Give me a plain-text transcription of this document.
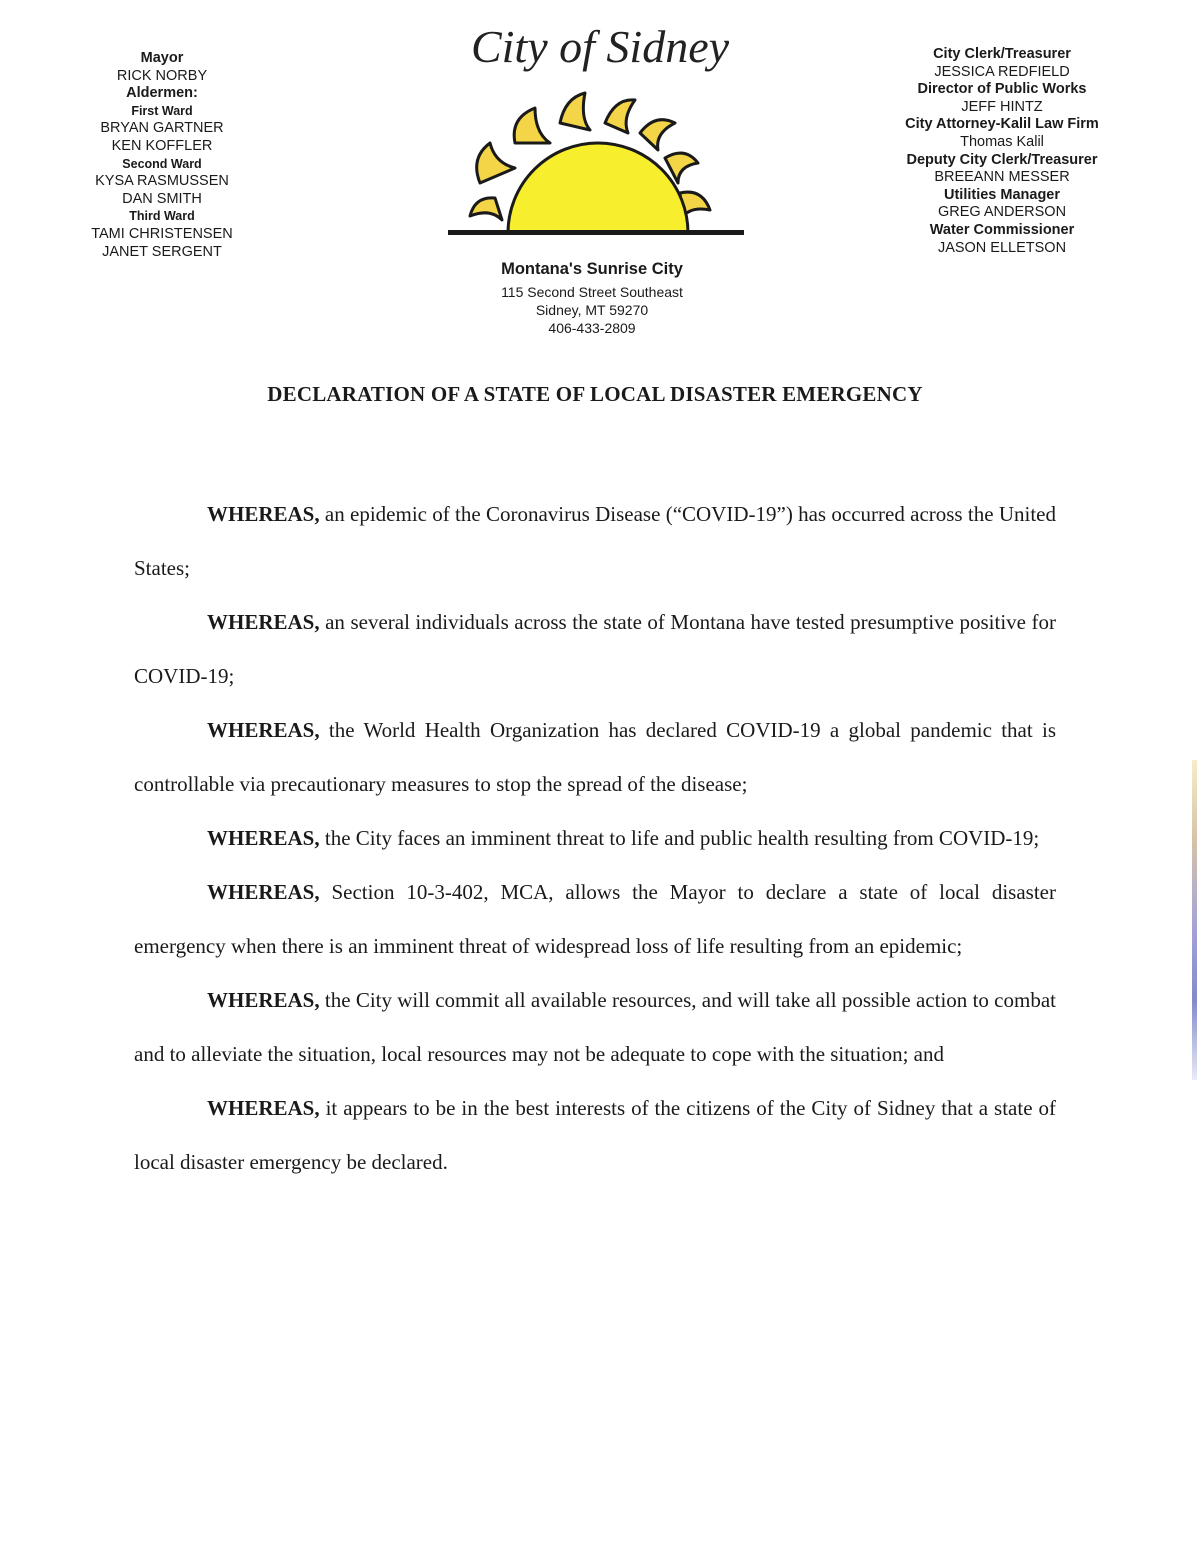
Mayor
RICK NORBY
Aldermen:
First Ward
BRYAN GARTNER
KEN KOFFLER
Second Ward
KYSA RASMUSSEN
DAN SMITH
Third Ward
TAMI CHRISTENSEN
JANET SERGENT
City of Sidney
Montana's Sunrise City
115 Second Street Southeast
Sidney, MT 59270
406-433-2809
City Clerk/Treasurer
JESSICA REDFIELD
Director of Public Works
JEFF HINTZ
City Attorney-Kalil Law Firm
Thomas Kalil
Deputy City Clerk/Treasurer
BREEANN MESSER
Utilities Manager
GREG ANDERSON
Water Commissioner
JASON ELLETSON
DECLARATION OF A STATE OF LOCAL DISASTER EMERGENCY

WHEREAS, an epidemic of the Coronavirus Disease (“COVID-19”) has occurred across the United States;

WHEREAS, an several individuals across the state of Montana have tested presumptive positive for COVID-19;

WHEREAS, the World Health Organization has declared COVID-19 a global pandemic that is controllable via precautionary measures to stop the spread of the disease;

WHEREAS, the City faces an imminent threat to life and public health resulting from COVID-19;

WHEREAS, Section 10-3-402, MCA, allows the Mayor to declare a state of local disaster emergency when there is an imminent threat of widespread loss of life resulting from an epidemic;

WHEREAS, the City will commit all available resources, and will take all possible action to combat and to alleviate the situation, local resources may not be adequate to cope with the situation; and

WHEREAS, it appears to be in the best interests of the citizens of the City of Sidney that a state of local disaster emergency be declared.
